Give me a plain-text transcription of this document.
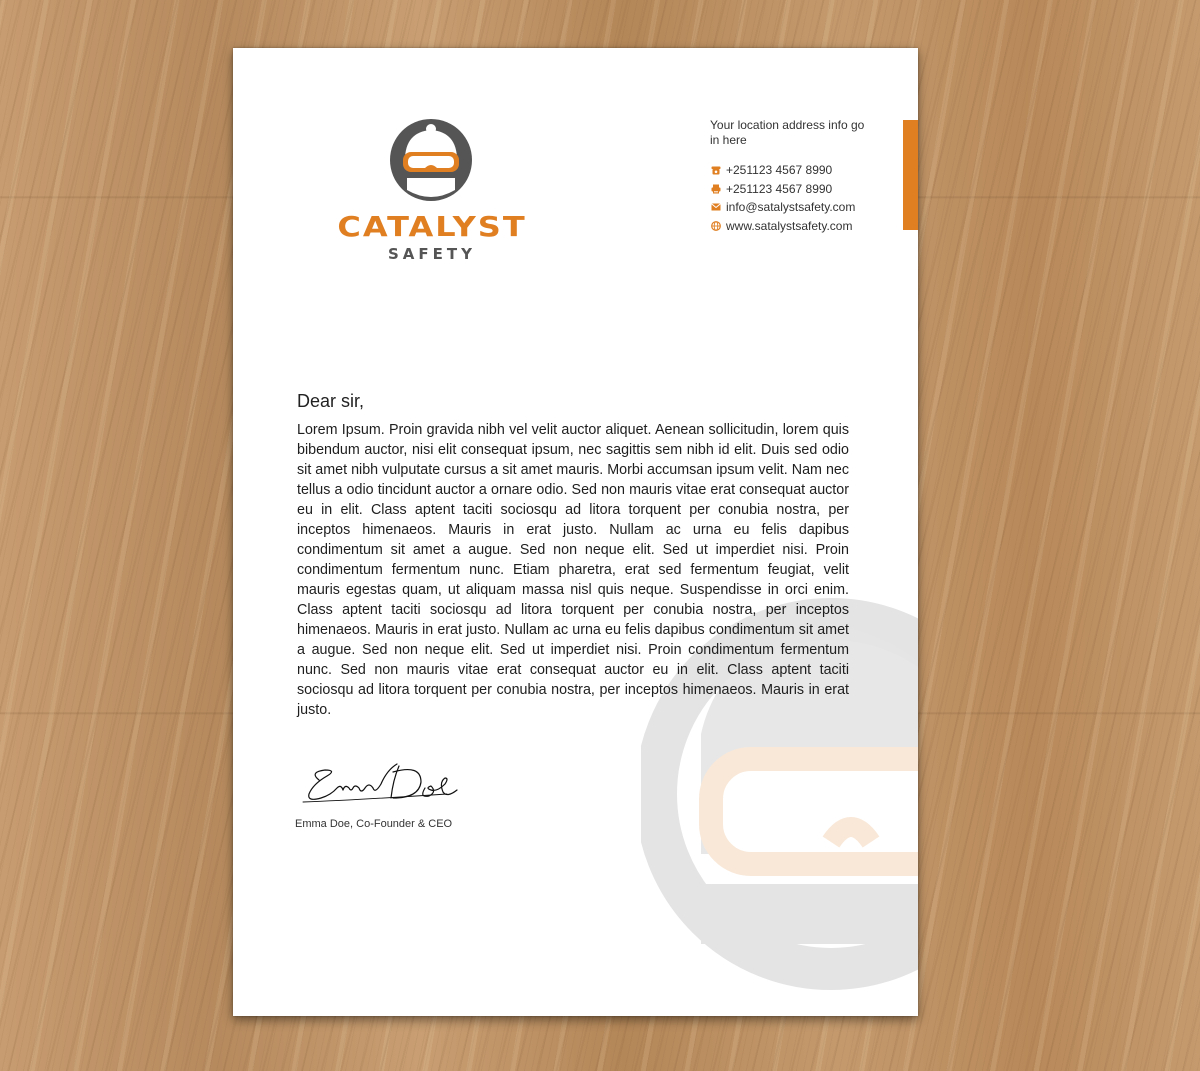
CATALYST
SAFETY
Your location address info go in here
+251123 4567 8990
+251123 4567 8990
info@satalystsafety.com
www.satalystsafety.com
Dear sir,

Lorem Ipsum. Proin gravida nibh vel velit auctor aliquet. Aenean sollicitudin, lorem quis bibendum auctor, nisi elit consequat ipsum, nec sagittis sem nibh id elit. Duis sed odio sit amet nibh vulputate cursus a sit amet mauris. Morbi accumsan ipsum velit. Nam nec tellus a odio tincidunt auctor a ornare odio. Sed non mauris vitae erat consequat auctor eu in elit. Class aptent taciti sociosqu ad litora torquent per conubia nostra, per inceptos himenaeos. Mauris in erat justo. Nullam ac urna eu felis dapibus condimentum sit amet a augue. Sed non neque elit. Sed ut imperdiet nisi. Proin condimentum fermentum nunc. Etiam pharetra, erat sed fermentum feugiat, velit mauris egestas quam, ut aliquam massa nisl quis neque. Suspendisse in orci enim. Class aptent taciti sociosqu ad litora torquent per conubia nostra, per inceptos himenaeos. Mauris in erat justo. Nullam ac urna eu felis dapibus condimentum sit amet a augue. Sed non neque elit. Sed ut imperdiet nisi. Proin condimentum fermentum nunc. Sed non mauris vitae erat consequat auctor eu in elit. Class aptent taciti sociosqu ad litora torquent per conubia nostra, per inceptos himenaeos. Mauris in erat justo.

Emma Doe, Co-Founder & CEO
